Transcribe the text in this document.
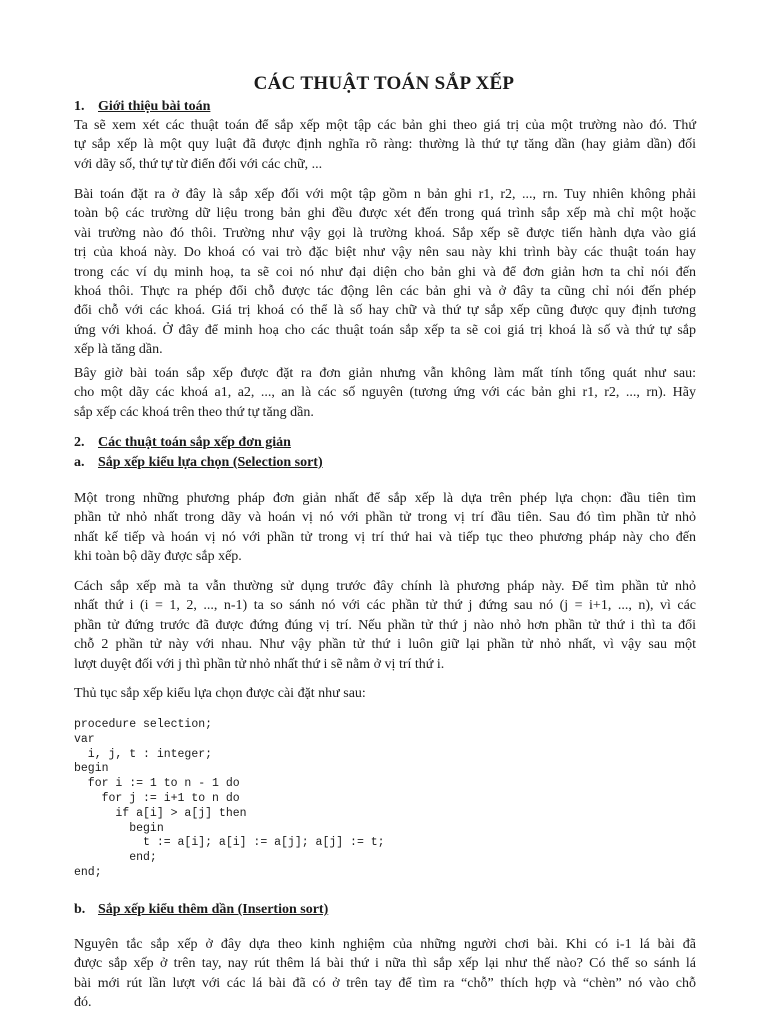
CÁC THUẬT TOÁN SẮP XẾP
1. Giới thiệu bài toán
Ta sẽ xem xét các thuật toán để sắp xếp một tập các bản ghi theo giá trị của một trường nào đó. Thứ
tự sắp xếp là một quy luật đã được định nghĩa rõ ràng: thường là thứ tự tăng dần (hay giảm dần) đối
với dãy số, thứ tự từ điển đối với các chữ, ...
Bài toán đặt ra ở đây là sắp xếp đối với một tập gồm n bản ghi r1, r2, ..., rn. Tuy nhiên không phải
toàn bộ các trường dữ liệu trong bản ghi đều được xét đến trong quá trình sắp xếp mà chỉ một hoặc
vài trường nào đó thôi. Trường như vậy gọi là trường khoá. Sắp xếp sẽ được tiến hành dựa vào giá
trị của khoá này. Do khoá có vai trò đặc biệt như vậy nên sau này khi trình bày các thuật toán hay
trong các ví dụ minh hoạ, ta sẽ coi nó như đại diện cho bản ghi và để đơn giản hơn ta chỉ nói đến
khoá thôi. Thực ra phép đổi chỗ được tác động lên các bản ghi và ở đây ta cũng chỉ nói đến phép
đổi chỗ với các khoá. Giá trị khoá có thể là số hay chữ và thứ tự sắp xếp cũng được quy định tương
ứng với khoá. Ở đây để minh hoạ cho các thuật toán sắp xếp ta sẽ coi giá trị khoá là số và thứ tự sắp
xếp là tăng dần.
Bây giờ bài toán sắp xếp được đặt ra đơn giản nhưng vẫn không làm mất tính tổng quát như sau:
cho một dãy các khoá a1, a2, ..., an là các số nguyên (tương ứng với các bản ghi r1, r2, ..., rn). Hãy
sắp xếp các khoá trên theo thứ tự tăng dần.
2. Các thuật toán sắp xếp đơn giản
a. Sắp xếp kiểu lựa chọn (Selection sort)
Một trong những phương pháp đơn giản nhất để sắp xếp là dựa trên phép lựa chọn: đầu tiên tìm
phần tử nhỏ nhất trong dãy và hoán vị nó với phần tử trong vị trí đầu tiên. Sau đó tìm phần tử nhỏ
nhất kế tiếp và hoán vị nó với phần tử trong vị trí thứ hai và tiếp tục theo phương pháp này cho đến
khi toàn bộ dãy được sắp xếp.
Cách sắp xếp mà ta vẫn thường sử dụng trước đây chính là phương pháp này. Để tìm phần tử nhỏ
nhất thứ i (i = 1, 2, ..., n-1) ta so sánh nó với các phần tử thứ j đứng sau nó (j = i+1, ..., n), vì các
phần tử đứng trước đã được đứng đúng vị trí. Nếu phần tử thứ j nào nhỏ hơn phần tử thứ i thì ta đổi
chỗ 2 phần tử này với nhau. Như vậy phần tử thứ i luôn giữ lại phần tử nhỏ nhất, vì vậy sau một
lượt duyệt đối với j thì phần tử nhỏ nhất thứ i sẽ nằm ở vị trí thứ i.
Thủ tục sắp xếp kiểu lựa chọn được cài đặt như sau:
procedure selection;
var
i, j, t : integer;
begin
for i := 1 to n - 1 do
for j := i+1 to n do
if a[i] > a[j] then
begin
t := a[i]; a[i] := a[j]; a[j] := t;
end;
end;
b. Sắp xếp kiểu thêm dần (Insertion sort)
Nguyên tắc sắp xếp ở đây dựa theo kinh nghiệm của những người chơi bài. Khi có i-1 lá bài đã
được sắp xếp ở trên tay, nay rút thêm lá bài thứ i nữa thì sắp xếp lại như thế nào? Có thể so sánh lá
bài mới rút lần lượt với các lá bài đã có ở trên tay để tìm ra “chỗ” thích hợp và “chèn” nó vào chỗ
đó.
